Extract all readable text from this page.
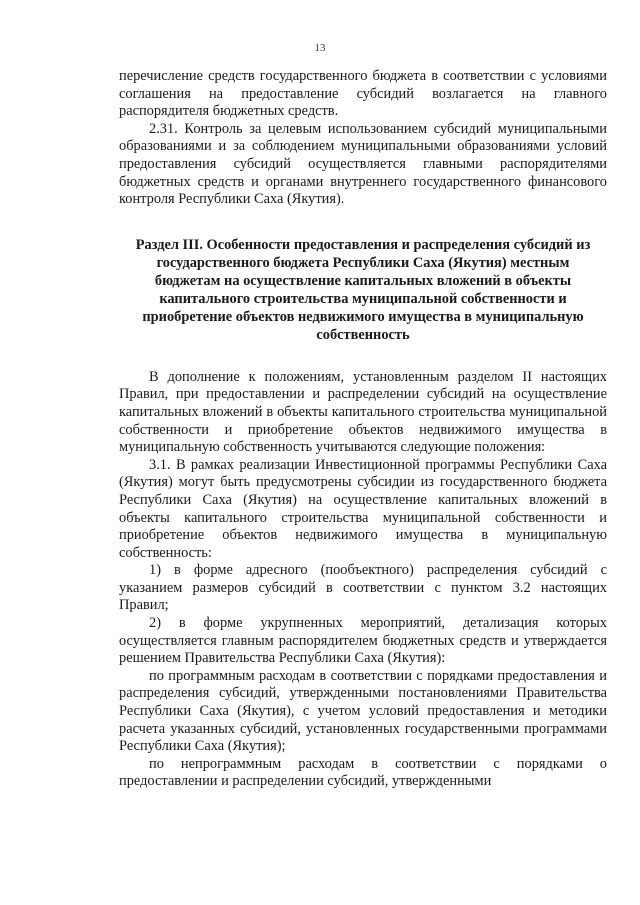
13

перечисление средств государственного бюджета в соответствии с условиями соглашения на предоставление субсидий возлагается на главного распорядителя бюджетных средств.

2.31. Контроль за целевым использованием субсидий муниципальными образованиями и за соблюдением муниципальными образованиями условий предоставления субсидий осуществляется главными распорядителями бюджетных средств и органами внутреннего государственного финансового контроля Республики Саха (Якутия).

Раздел III. Особенности предоставления и распределения субсидий из государственного бюджета Республики Саха (Якутия) местным бюджетам на осуществление капитальных вложений в объекты капитального строительства муниципальной собственности и приобретение объектов недвижимого имущества в муниципальную собственность

В дополнение к положениям, установленным разделом II настоящих Правил, при предоставлении и распределении субсидий на осуществление капитальных вложений в объекты капитального строительства муниципальной собственности и приобретение объектов недвижимого имущества в муниципальную собственность учитываются следующие положения:

3.1. В рамках реализации Инвестиционной программы Республики Саха (Якутия) могут быть предусмотрены субсидии из государственного бюджета Республики Саха (Якутия) на осуществление капитальных вложений в объекты капитального строительства муниципальной собственности и приобретение объектов недвижимого имущества в муниципальную собственность:

1) в форме адресного (пообъектного) распределения субсидий с указанием размеров субсидий в соответствии с пунктом 3.2 настоящих Правил;

2) в форме укрупненных мероприятий, детализация которых осуществляется главным распорядителем бюджетных средств и утверждается решением Правительства Республики Саха (Якутия):

по программным расходам в соответствии с порядками предоставления и распределения субсидий, утвержденными постановлениями Правительства Республики Саха (Якутия), с учетом условий предоставления и методики расчета указанных субсидий, установленных государственными программами Республики Саха (Якутия);

по непрограммным расходам в соответствии с порядками о предоставлении и распределении субсидий, утвержденными
